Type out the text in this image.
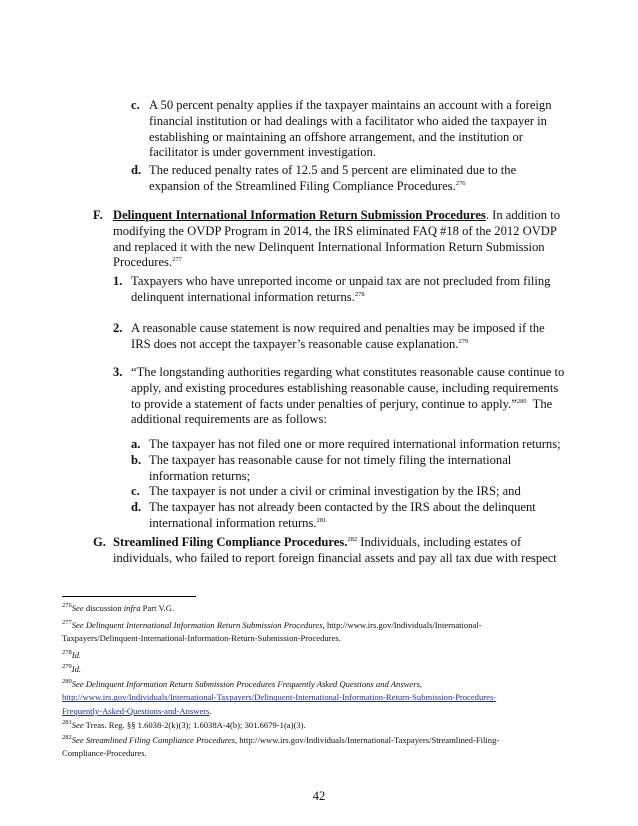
c. A 50 percent penalty applies if the taxpayer maintains an account with a foreign
financial institution or had dealings with a facilitator who aided the taxpayer in
establishing or maintaining an offshore arrangement, and the institution or
facilitator is under government investigation.
d. The reduced penalty rates of 12.5 and 5 percent are eliminated due to the
expansion of the Streamlined Filing Compliance Procedures.$^{276}$
F. Delinquent International Information Return Submission Procedures. In addition to
modifying the OVDP Program in 2014, the IRS eliminated FAQ #18 of the 2012 OVDP
and replaced it with the new Delinquent International Information Return Submission
Procedures.$^{277}$
1. Taxpayers who have unreported income or unpaid tax are not precluded from filing
delinquent international information returns.$^{278}$
2. A reasonable cause statement is now required and penalties may be imposed if the
IRS does not accept the taxpayer’s reasonable cause explanation.$^{279}$
3. “The longstanding authorities regarding what constitutes reasonable cause continue to
apply, and existing procedures establishing reasonable cause, including requirements
to provide a statement of facts under penalties of perjury, continue to apply.”$^{280}$  The
additional requirements are as follows:
a. The taxpayer has not filed one or more required international information returns;
b. The taxpayer has reasonable cause for not timely filing the international
information returns;
c. The taxpayer is not under a civil or criminal investigation by the IRS; and
d. The taxpayer has not already been contacted by the IRS about the delinquent
international information returns.$^{281}$
G. Streamlined Filing Compliance Procedures.$^{282}$ Individuals, including estates of
individuals, who failed to report foreign financial assets and pay all tax due with respect
$^{276}$See discussion infra Part V.G.
$^{277}$See Delinquent International Information Return Submission Procedures, http://www.irs.gov/Individuals/International-
Taxpayers/Delinquent-International-Information-Return-Submission-Procedures.
$^{278}$Id.
$^{279}$Id.
$^{280}$See Delinquent Information Return Submission Procedures Frequently Asked Questions and Answers,
http://www.irs.gov/Individuals/International-Taxpayers/Delinquent-International-Information-Return-Submission-Procedures-
Frequently-Asked-Questions-and-Answers.
$^{281}$See Treas. Reg. §§ 1.6038-2(k)(3); 1.6038A-4(b); 301.6679-1(a)(3).
$^{282}$See Streamlined Filing Compliance Procedures, http://www.irs.gov/Individuals/International-Taxpayers/Streamlined-Filing-
Compliance-Procedures.
42
